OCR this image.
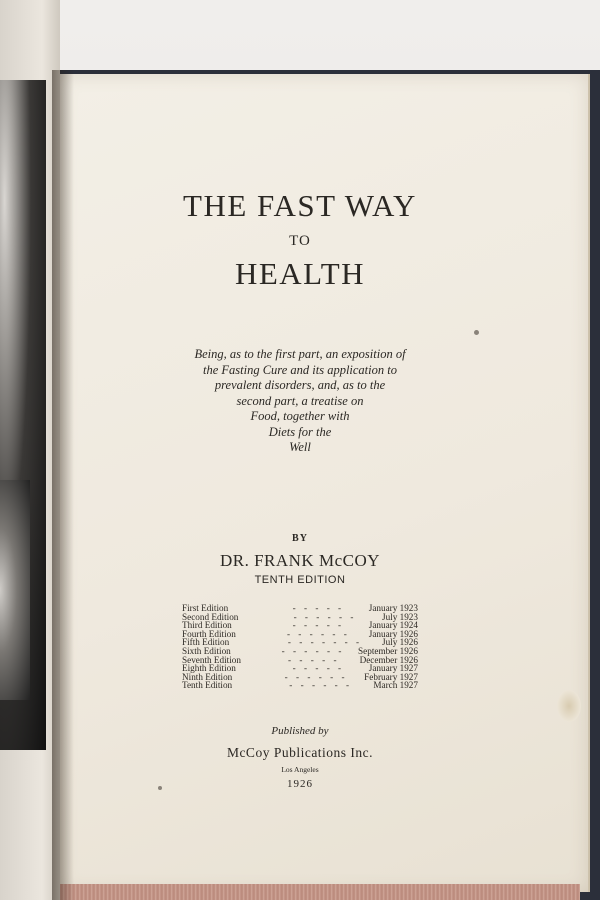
THE FAST WAY

TO

HEALTH

Being, as to the first part, an exposition of
the Fasting Cure and its application to
prevalent disorders, and, as to the
second part, a treatise on
Food, together with
Diets for the
Well

BY

DR. FRANK McCOY

TENTH EDITION

First Edition	- - - - -	January 1923
Second Edition	- - - - - -	July 1923
Third Edition	- - - - -	January 1924
Fourth Edition	- - - - - -	January 1926
Fifth Edition	- - - - - - -	July 1926
Sixth Edition	- - - - - -	September 1926
Seventh Edition	- - - - -	December 1926
Eighth Edition	- - - - -	January 1927
Ninth Edition	- - - - - -	February 1927
Tenth Edition	- - - - - -	March 1927

Published by

McCoy Publications Inc.

Los Angeles

1926
